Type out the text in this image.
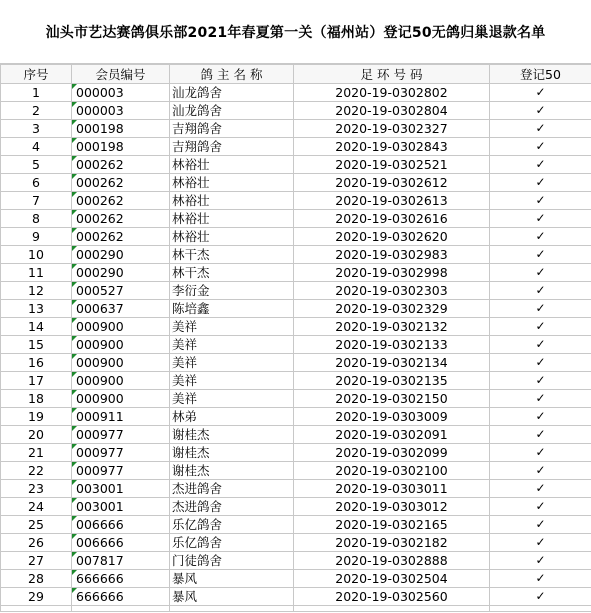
汕头市艺达赛鸽俱乐部2021年春夏第一关（福州站）登记50无鸽归巢退款名单
序号	会员编号	鸽 主 名 称	足 环 号 码	登记50
1	000003	汕龙鸽舍	2020-19-0302802	✓
2	000003	汕龙鸽舍	2020-19-0302804	✓
3	000198	吉翔鸽舍	2020-19-0302327	✓
4	000198	吉翔鸽舍	2020-19-0302843	✓
5	000262	林裕壮	2020-19-0302521	✓
6	000262	林裕壮	2020-19-0302612	✓
7	000262	林裕壮	2020-19-0302613	✓
8	000262	林裕壮	2020-19-0302616	✓
9	000262	林裕壮	2020-19-0302620	✓
10	000290	林干杰	2020-19-0302983	✓
11	000290	林干杰	2020-19-0302998	✓
12	000527	李衍金	2020-19-0302303	✓
13	000637	陈培鑫	2020-19-0302329	✓
14	000900	美祥	2020-19-0302132	✓
15	000900	美祥	2020-19-0302133	✓
16	000900	美祥	2020-19-0302134	✓
17	000900	美祥	2020-19-0302135	✓
18	000900	美祥	2020-19-0302150	✓
19	000911	林弟	2020-19-0303009	✓
20	000977	谢桂杰	2020-19-0302091	✓
21	000977	谢桂杰	2020-19-0302099	✓
22	000977	谢桂杰	2020-19-0302100	✓
23	003001	杰进鸽舍	2020-19-0303011	✓
24	003001	杰进鸽舍	2020-19-0303012	✓
25	006666	乐亿鸽舍	2020-19-0302165	✓
26	006666	乐亿鸽舍	2020-19-0302182	✓
27	007817	门徒鸽舍	2020-19-0302888	✓
28	666666	暴风	2020-19-0302504	✓
29	666666	暴风	2020-19-0302560	✓
